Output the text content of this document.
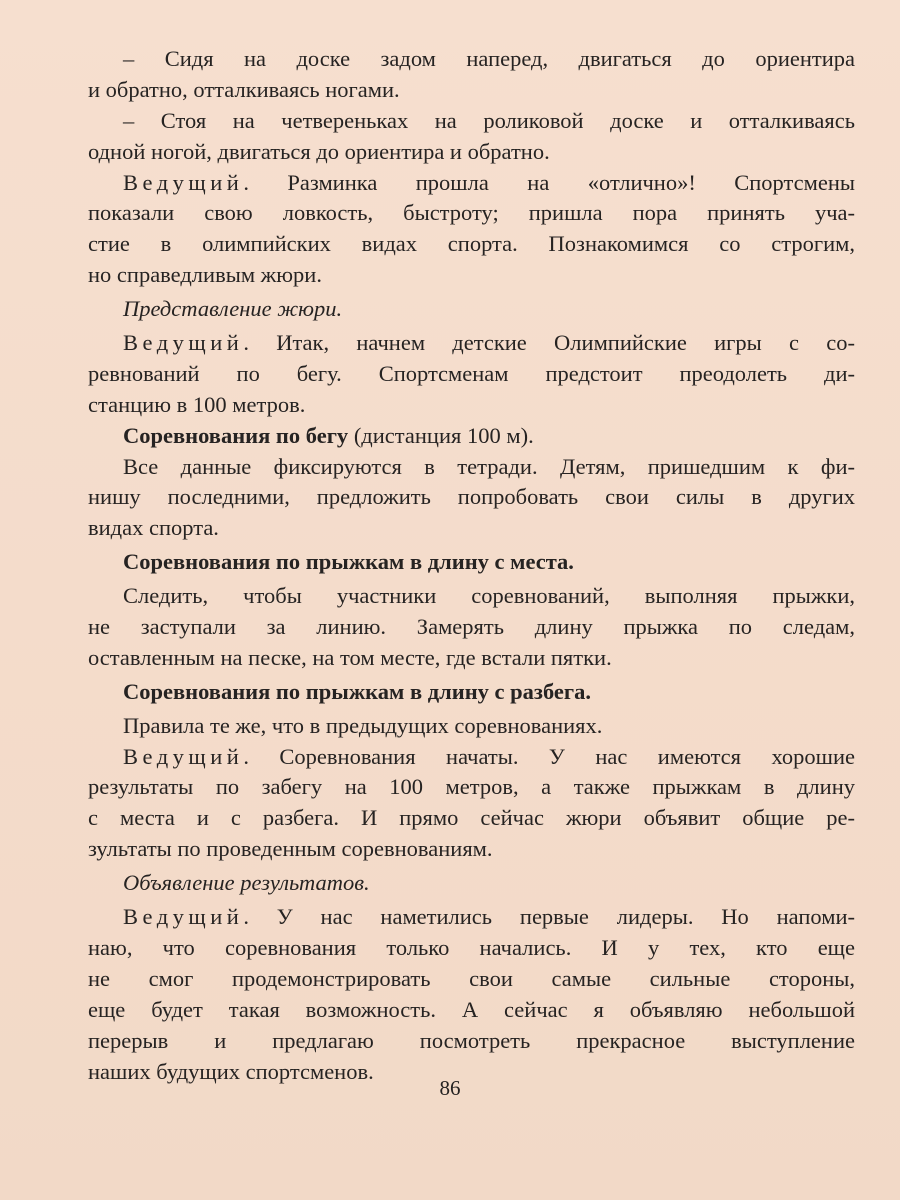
– Сидя на доске задом наперед, двигаться до ориентира
и обратно, отталкиваясь ногами.
– Стоя на четвереньках на роликовой доске и отталкиваясь
одной ногой, двигаться до ориентира и обратно.
Ведущий. Разминка прошла на «отлично»! Спортсмены
показали свою ловкость, быстроту; пришла пора принять уча-
стие в олимпийских видах спорта. Познакомимся со строгим,
но справедливым жюри.
Представление жюри.
Ведущий. Итак, начнем детские Олимпийские игры с со-
ревнований по бегу. Спортсменам предстоит преодолеть ди-
станцию в 100 метров.
Соревнования по бегу (дистанция 100 м).
Все данные фиксируются в тетради. Детям, пришедшим к фи-
нишу последними, предложить попробовать свои силы в других
видах спорта.
Соревнования по прыжкам в длину с места.
Следить, чтобы участники соревнований, выполняя прыжки,
не заступали за линию. Замерять длину прыжка по следам,
оставленным на песке, на том месте, где встали пятки.
Соревнования по прыжкам в длину с разбега.
Правила те же, что в предыдущих соревнованиях.
Ведущий. Соревнования начаты. У нас имеются хорошие
результаты по забегу на 100 метров, а также прыжкам в длину
с места и с разбега. И прямо сейчас жюри объявит общие ре-
зультаты по проведенным соревнованиям.
Объявление результатов.
Ведущий. У нас наметились первые лидеры. Но напоми-
наю, что соревнования только начались. И у тех, кто еще
не смог продемонстрировать свои самые сильные стороны,
еще будет такая возможность. А сейчас я объявляю небольшой
перерыв и предлагаю посмотреть прекрасное выступление
наших будущих спортсменов.
86
